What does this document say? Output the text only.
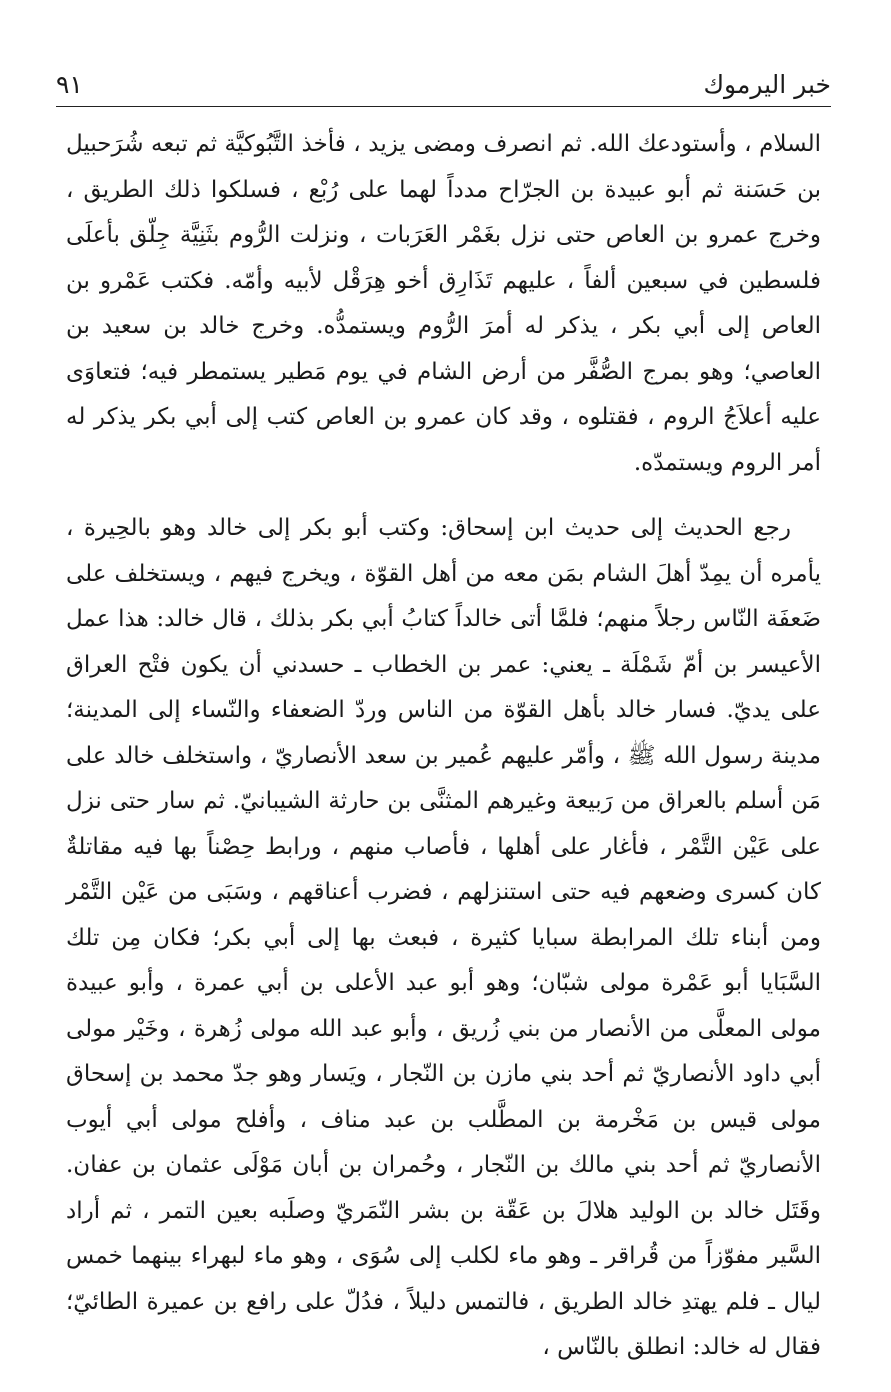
خبر اليرموك
٩١

السلام ، وأستودعك الله. ثم انصرف ومضى يزيد ، فأخذ التَّبُوكيَّة ثم تبعه شُرَحبيل بن حَسَنة ثم أبو عبيدة بن الجرّاح مدداً لهما على رُبْع ، فسلكوا ذلك الطريق ، وخرج عمرو بن العاص حتى نزل بغَمْر العَرَبات ، ونزلت الرُّوم بثَنِيَّة جِلّق بأعلَى فلسطين في سبعين ألفاً ، عليهم تَذَارِق أخو هِرَقْل لأبيه وأمّه. فكتب عَمْرو بن العاص إلى أبي بكر ، يذكر له أمرَ الرُّوم ويستمدُّه. وخرج خالد بن سعيد بن العاصي؛ وهو بمرج الصُّفَّر من أرض الشام في يوم مَطير يستمطر فيه؛ فتعاوَى عليه أعلاَجُ الروم ، فقتلوه ، وقد كان عمرو بن العاص كتب إلى أبي بكر يذكر له أمر الروم ويستمدّه.

رجع الحديث إلى حديث ابن إسحاق: وكتب أبو بكر إلى خالد وهو بالحِيرة ، يأمره أن يمِدّ أهلَ الشام بمَن معه من أهل القوّة ، ويخرج فيهم ، ويستخلف على ضَعفَة النّاس رجلاً منهم؛ فلمَّا أتى خالداً كتابُ أبي بكر بذلك ، قال خالد: هذا عمل الأعيسر بن أمّ شَمْلَة ـ يعني: عمر بن الخطاب ـ حسدني أن يكون فتْح العراق على يديّ. فسار خالد بأهل القوّة من الناس وردّ الضعفاء والنّساء إلى المدينة؛ مدينة رسول الله ﷺ ، وأمّر عليهم عُمير بن سعد الأنصاريّ ، واستخلف خالد على مَن أسلم بالعراق من رَبيعة وغيرهم المثنَّى بن حارثة الشيبانيّ. ثم سار حتى نزل على عَيْن التَّمْر ، فأغار على أهلها ، فأصاب منهم ، ورابط حِصْناً بها فيه مقاتلةٌ كان كسرى وضعهم فيه حتى استنزلهم ، فضرب أعناقهم ، وسَبَى من عَيْن التَّمْر ومن أبناء تلك المرابطة سبايا كثيرة ، فبعث بها إلى أبي بكر؛ فكان مِن تلك السَّبَايا أبو عَمْرة مولى شبّان؛ وهو أبو عبد الأعلى بن أبي عمرة ، وأبو عبيدة مولى المعلَّى من الأنصار من بني زُريق ، وأبو عبد الله مولى زُهرة ، وخَيْر مولى أبي داود الأنصاريّ ثم أحد بني مازن بن النّجار ، ويَسار وهو جدّ محمد بن إسحاق مولى قيس بن مَخْرمة بن المطَّلب بن عبد مناف ، وأفلح مولى أبي أيوب الأنصاريّ ثم أحد بني مالك بن النّجار ، وحُمران بن أبان مَوْلَى عثمان بن عفان. وقَتَل خالد بن الوليد هلالَ بن عَقّة بن بشر النّمَريّ وصلَبه بعين التمر ، ثم أراد السَّير مفوّزاً من قُراقر ـ وهو ماء لكلب إلى سُوَى ، وهو ماء لبهراء بينهما خمس ليال ـ فلم يهتدِ خالد الطريق ، فالتمس دليلاً ، فدُلّ على رافع بن عميرة الطائيّ؛ فقال له خالد: انطلق بالنّاس ،
